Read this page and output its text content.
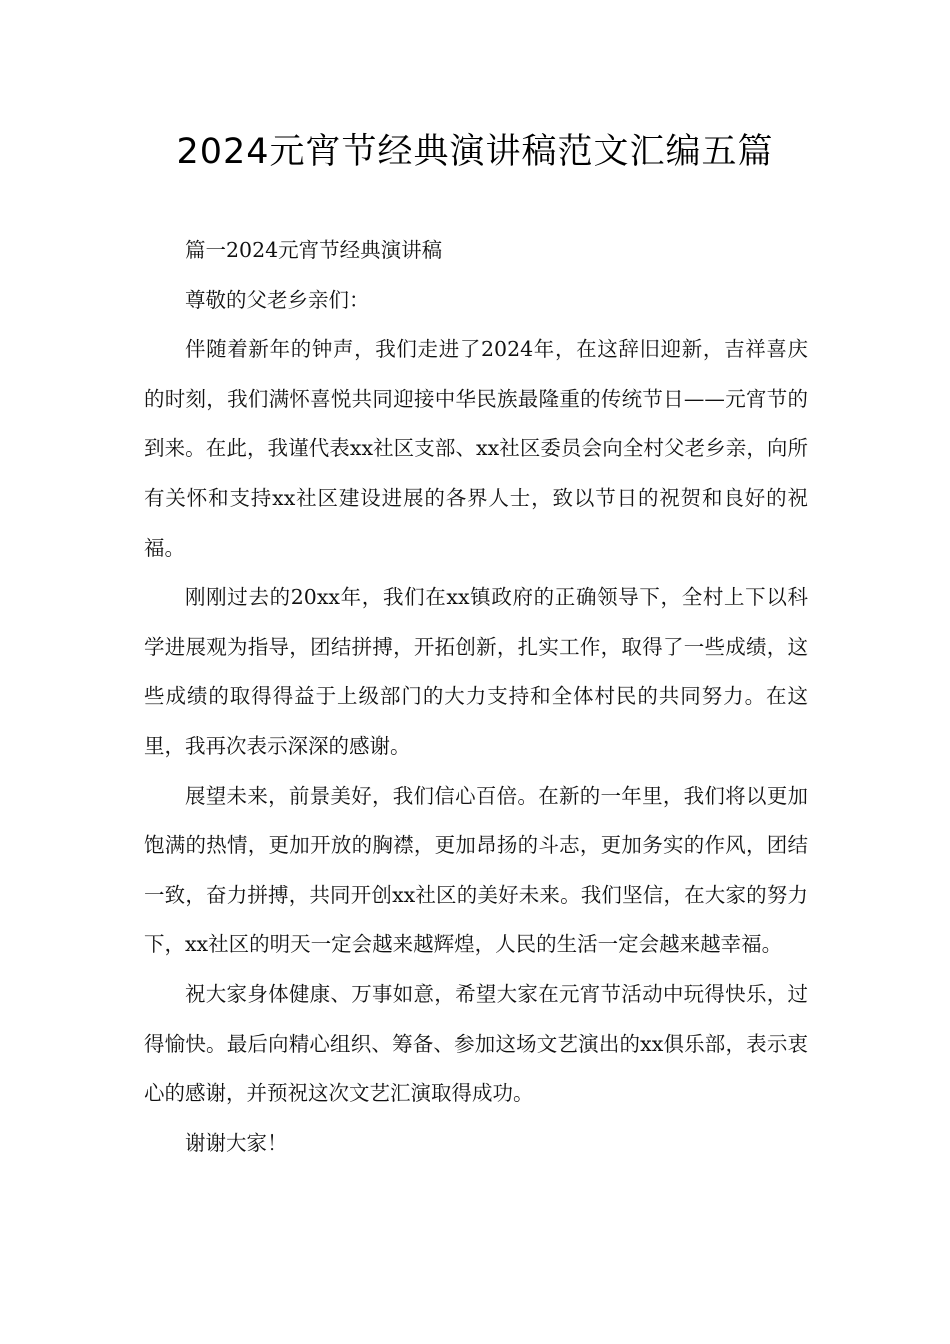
2024元宵节经典演讲稿范文汇编五篇

篇一2024元宵节经典演讲稿

尊敬的父老乡亲们：

伴随着新年的钟声，我们走进了2024年，在这辞旧迎新，吉祥喜庆的时刻，我们满怀喜悦共同迎接中华民族最隆重的传统节日——元宵节的到来。在此，我谨代表xx社区支部、xx社区委员会向全村父老乡亲，向所有关怀和支持xx社区建设进展的各界人士，致以节日的祝贺和良好的祝福。

刚刚过去的20xx年，我们在xx镇政府的正确领导下，全村上下以科学进展观为指导，团结拼搏，开拓创新，扎实工作，取得了一些成绩，这些成绩的取得得益于上级部门的大力支持和全体村民的共同努力。在这里，我再次表示深深的感谢。

展望未来，前景美好，我们信心百倍。在新的一年里，我们将以更加饱满的热情，更加开放的胸襟，更加昂扬的斗志，更加务实的作风，团结一致，奋力拼搏，共同开创xx社区的美好未来。我们坚信，在大家的努力下，xx社区的明天一定会越来越辉煌，人民的生活一定会越来越幸福。

祝大家身体健康、万事如意，希望大家在元宵节活动中玩得快乐，过得愉快。最后向精心组织、筹备、参加这场文艺演出的xx俱乐部，表示衷心的感谢，并预祝这次文艺汇演取得成功。

谢谢大家！
